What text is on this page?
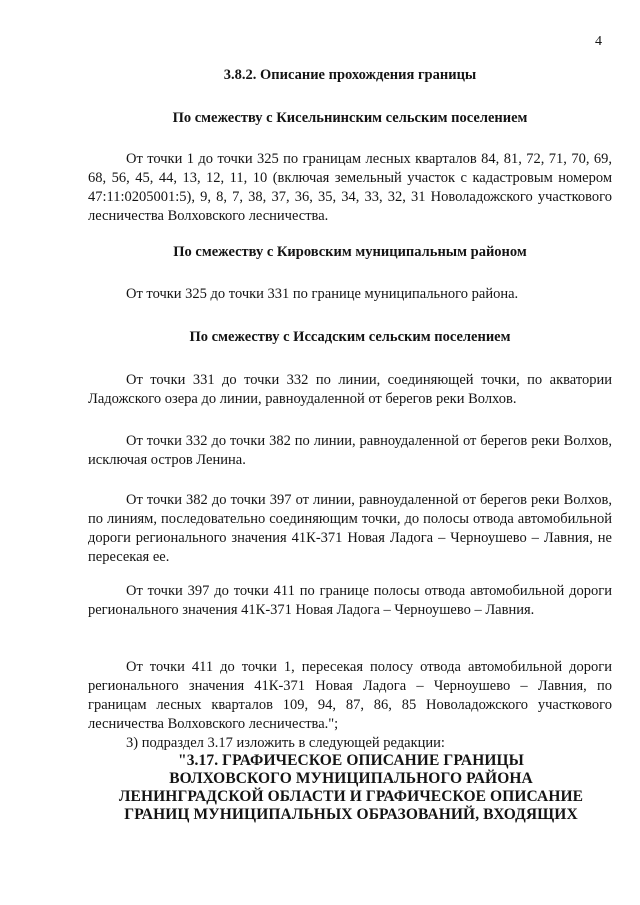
4
3.8.2. Описание прохождения границы
По смежеству с Кисельнинским сельским поселением
От точки 1 до точки 325 по границам лесных кварталов 84, 81, 72, 71, 70, 69, 68, 56, 45, 44, 13, 12, 11, 10 (включая земельный участок с кадастровым номером 47:11:0205001:5), 9, 8, 7, 38, 37, 36, 35, 34, 33, 32, 31 Новоладожского участкового лесничества Волховского лесничества.
По смежеству с Кировским муниципальным районом
От точки 325 до точки 331 по границе муниципального района.
По смежеству с Иссадским сельским поселением
От точки 331 до точки 332 по линии, соединяющей точки, по акватории Ладожского озера до линии, равноудаленной от берегов реки Волхов.
От точки 332 до точки 382 по линии, равноудаленной от берегов реки Волхов, исключая остров Ленина.
От точки 382 до точки 397 от линии, равноудаленной от берегов реки Волхов, по линиям, последовательно соединяющим точки, до полосы отвода автомобильной дороги регионального значения 41К-371 Новая Ладога – Черноушево – Лавния, не пересекая ее.
От точки 397 до точки 411 по границе полосы отвода автомобильной дороги регионального значения 41К-371 Новая Ладога – Черноушево – Лавния.
От точки 411 до точки 1, пересекая полосу отвода автомобильной дороги регионального значения 41К-371 Новая Ладога – Черноушево – Лавния, по границам лесных кварталов 109, 94, 87, 86, 85 Новоладожского участкового лесничества Волховского лесничества.";
3) подраздел 3.17 изложить в следующей редакции:
"3.17. ГРАФИЧЕСКОЕ ОПИСАНИЕ ГРАНИЦЫ
ВОЛХОВСКОГО МУНИЦИПАЛЬНОГО РАЙОНА
ЛЕНИНГРАДСКОЙ ОБЛАСТИ И ГРАФИЧЕСКОЕ ОПИСАНИЕ
ГРАНИЦ МУНИЦИПАЛЬНЫХ ОБРАЗОВАНИЙ, ВХОДЯЩИХ
